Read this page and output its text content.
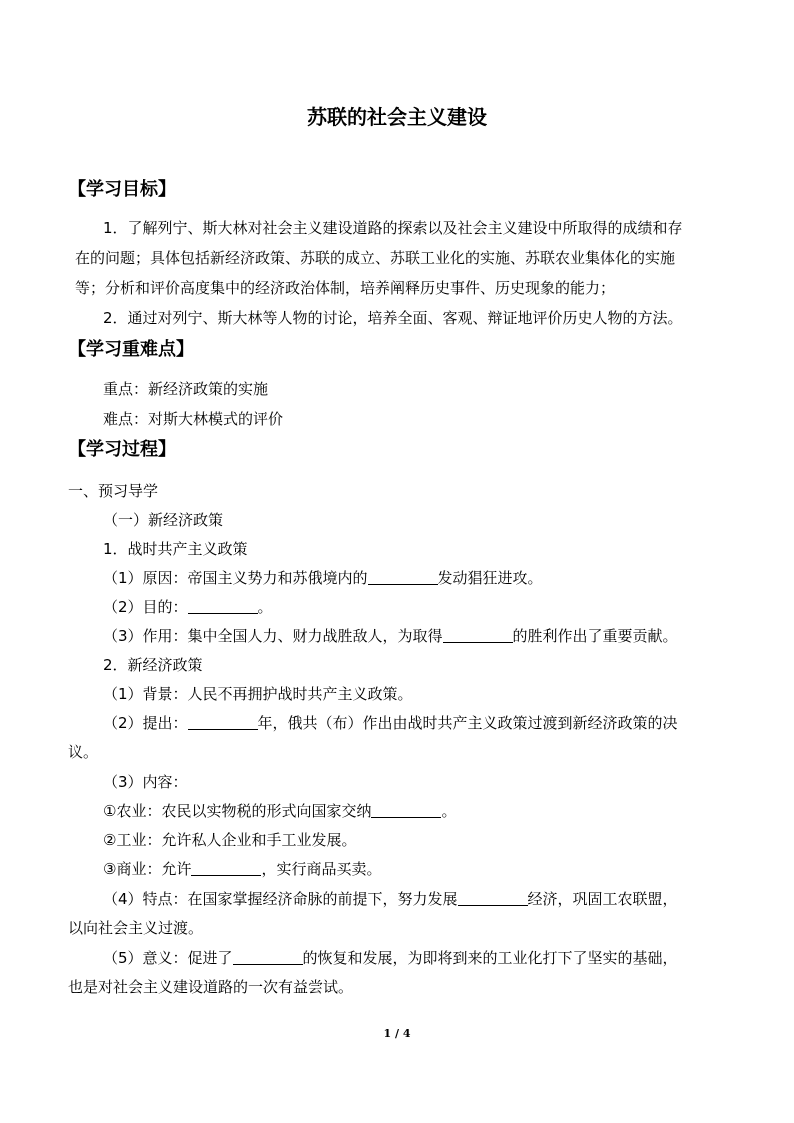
苏联的社会主义建设
【学习目标】
1．了解列宁、斯大林对社会主义建设道路的探索以及社会主义建设中所取得的成绩和存
在的问题；具体包括新经济政策、苏联的成立、苏联工业化的实施、苏联农业集体化的实施
等；分析和评价高度集中的经济政治体制，培养阐释历史事件、历史现象的能力；
2．通过对列宁、斯大林等人物的讨论，培养全面、客观、辩证地评价历史人物的方法。
【学习重难点】
重点：新经济政策的实施
难点：对斯大林模式的评价
【学习过程】
一、预习导学
（一）新经济政策
1．战时共产主义政策
（1）原因：帝国主义势力和苏俄境内的	发动猖狂进攻。
（2）目的：	。
（3）作用：集中全国人力、财力战胜敌人，为取得	的胜利作出了重要贡献。
2．新经济政策
（1）背景：人民不再拥护战时共产主义政策。
（2）提出：	年，俄共（布）作出由战时共产主义政策过渡到新经济政策的决
议。
（3）内容：
①农业：农民以实物税的形式向国家交纳	。
②工业：允许私人企业和手工业发展。
③商业：允许	，实行商品买卖。
（4）特点：在国家掌握经济命脉的前提下，努力发展	经济，巩固工农联盟，
以向社会主义过渡。
（5）意义：促进了	的恢复和发展，为即将到来的工业化打下了坚实的基础，
也是对社会主义建设道路的一次有益尝试。
1 / 4
